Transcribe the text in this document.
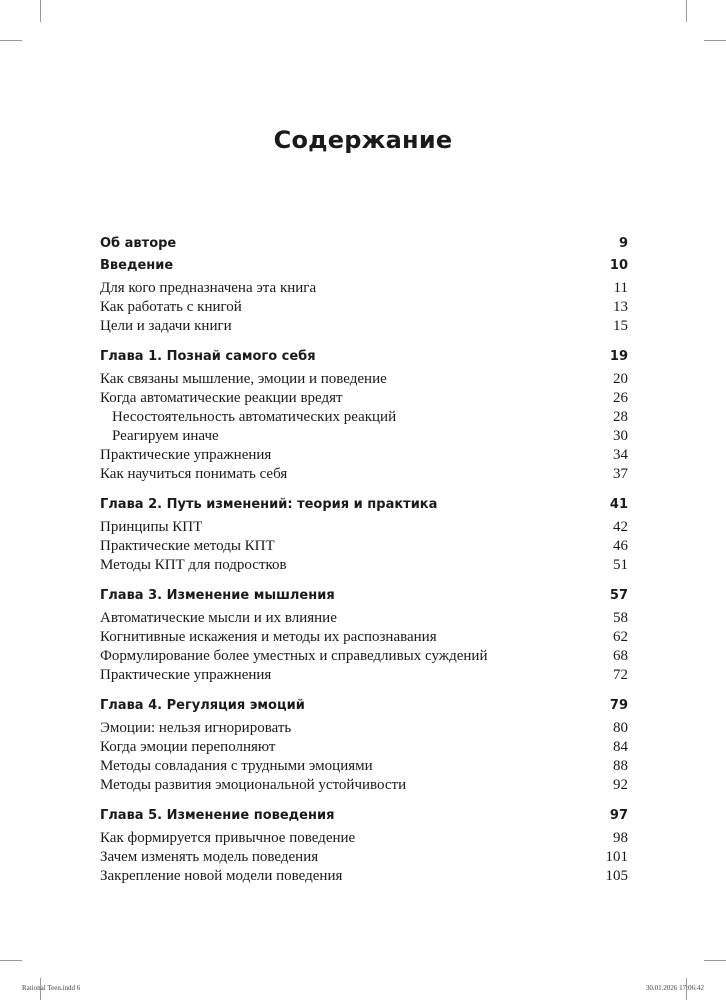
Содержание
Об авторе	9
Введение	10
Для кого предназначена эта книга	11
Как работать с книгой	13
Цели и задачи книги	15
Глава 1. Познай самого себя	19
Как связаны мышление, эмоции и поведение	20
Когда автоматические реакции вредят	26
Несостоятельность автоматических реакций	28
Реагируем иначе	30
Практические упражнения	34
Как научиться понимать себя	37
Глава 2. Путь изменений: теория и практика	41
Принципы КПТ	42
Практические методы КПТ	46
Методы КПТ для подростков	51
Глава 3. Изменение мышления	57
Автоматические мысли и их влияние	58
Когнитивные искажения и методы их распознавания	62
Формулирование более уместных и справедливых суждений	68
Практические упражнения	72
Глава 4. Регуляция эмоций	79
Эмоции: нельзя игнорировать	80
Когда эмоции переполняют	84
Методы совладания с трудными эмоциями	88
Методы развития эмоциональной устойчивости	92
Глава 5. Изменение поведения	97
Как формируется привычное поведение	98
Зачем изменять модель поведения	101
Закрепление новой модели поведения	105
Rational Teen.indd 6	30.01.2026 17:06:42
